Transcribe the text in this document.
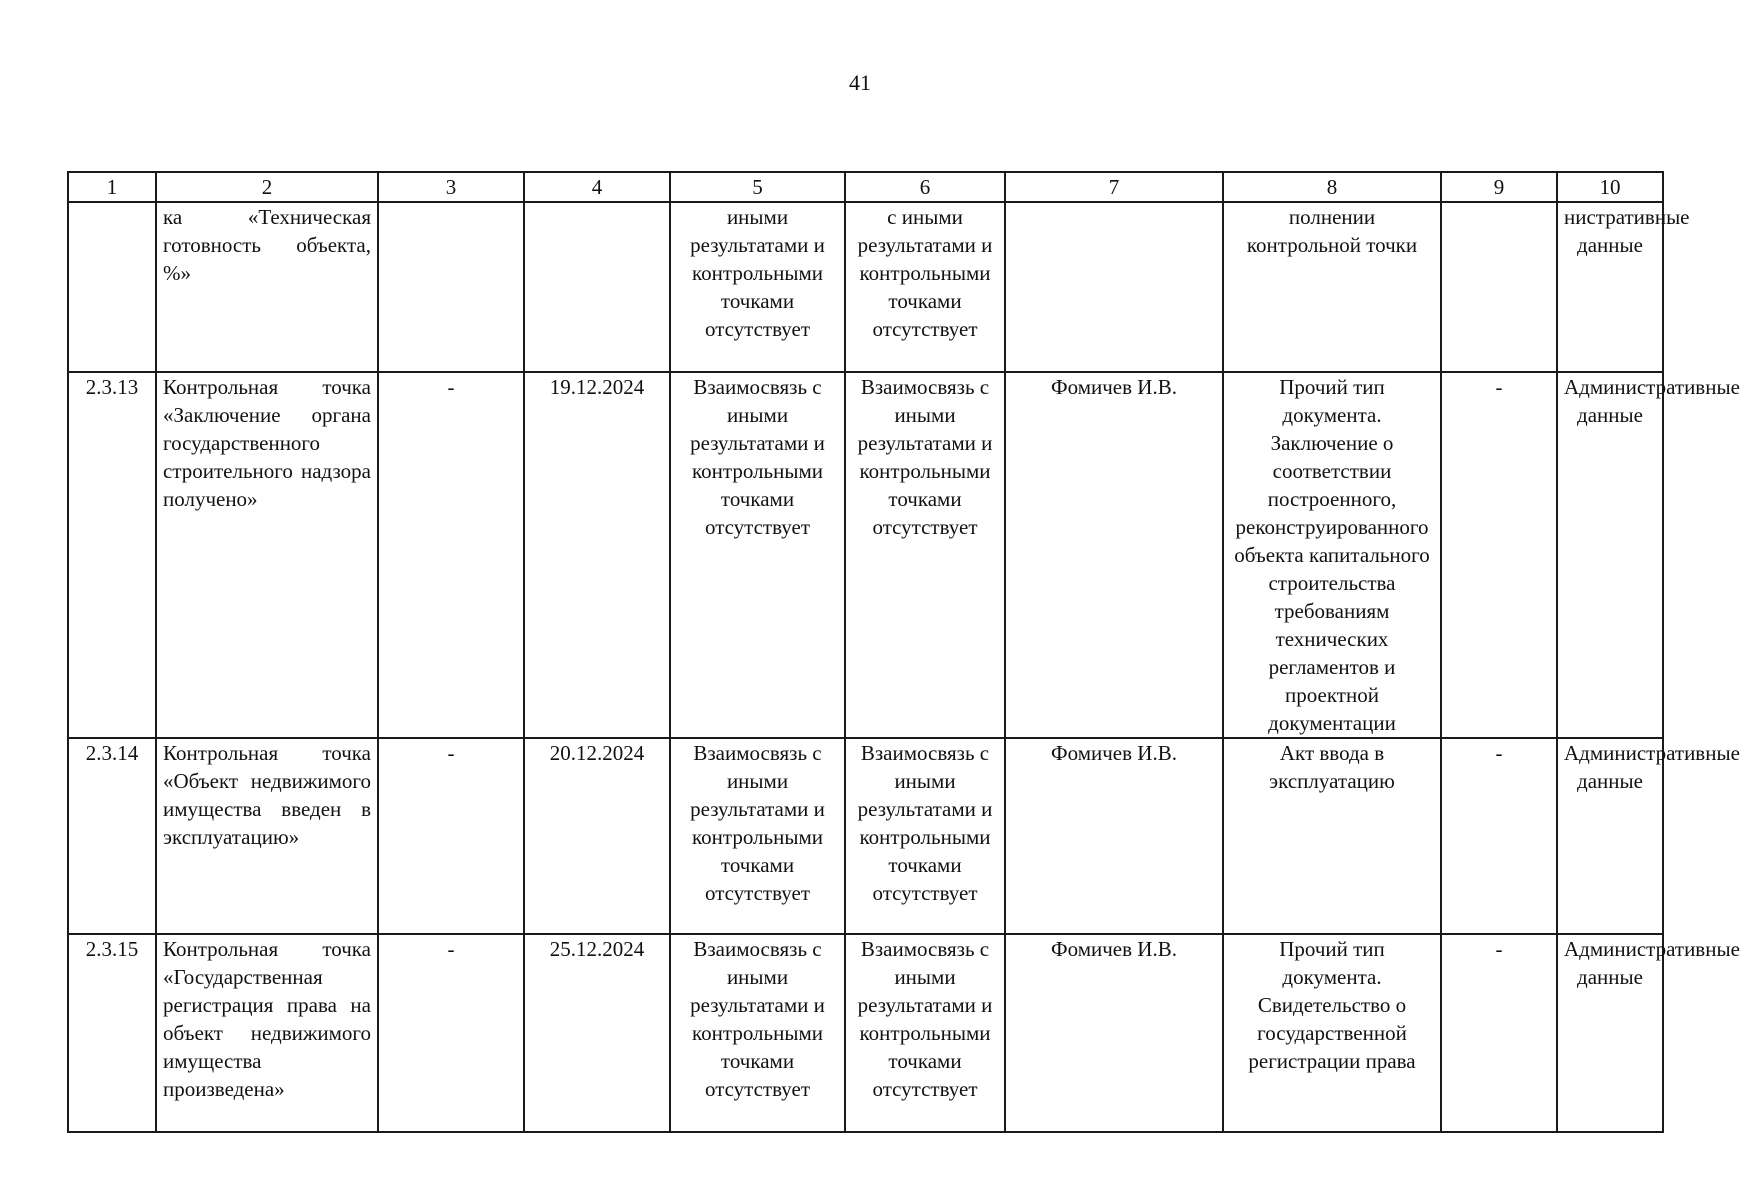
41
1	2	3	4	5	6	7	8	9	10
	ка «Техническая готовность объекта, %»			иными результатами и контрольными точками отсутствует	с иными результатами и контрольными точками отсутствует		полнении контрольной точки		нистративные данные
2.3.13	Контрольная точка «Заключение органа государственного строительного надзора получено»	-	19.12.2024	Взаимосвязь с иными результатами и контрольными точками отсутствует	Взаимосвязь с иными результатами и контрольными точками отсутствует	Фомичев И.В.	Прочий тип документа. Заключение о соответствии построенного, реконструированного объекта капитального строительства требованиям технических регламентов и проектной документации	-	Административные данные
2.3.14	Контрольная точка «Объект недвижимого имущества введен в эксплуатацию»	-	20.12.2024	Взаимосвязь с иными результатами и контрольными точками отсутствует	Взаимосвязь с иными результатами и контрольными точками отсутствует	Фомичев И.В.	Акт ввода в эксплуатацию	-	Административные данные
2.3.15	Контрольная точка «Государственная регистрация права на объект недвижимого имущества произведена»	-	25.12.2024	Взаимосвязь с иными результатами и контрольными точками отсутствует	Взаимосвязь с иными результатами и контрольными точками отсутствует	Фомичев И.В.	Прочий тип документа. Свидетельство о государственной регистрации права	-	Административные данные
